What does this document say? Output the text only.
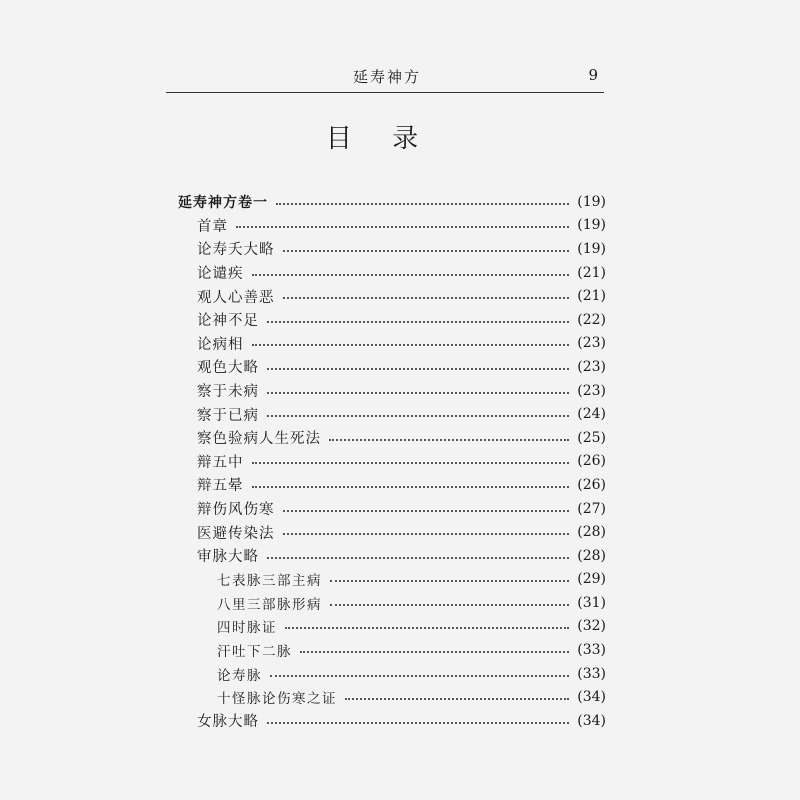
延寿神方	9
目 录
延寿神方卷一	(19)
首章	(19)
论寿夭大略	(19)
论谴疾	(21)
观人心善恶	(21)
论神不足	(22)
论病相	(23)
观色大略	(23)
察于未病	(23)
察于已病	(24)
察色验病人生死法	(25)
辩五中	(26)
辩五晕	(26)
辩伤风伤寒	(27)
医避传染法	(28)
审脉大略	(28)
七表脉三部主病	(29)
八里三部脉形病	(31)
四时脉证	(32)
汗吐下二脉	(33)
论寿脉	(33)
十怪脉论伤寒之证	(34)
女脉大略	(34)
